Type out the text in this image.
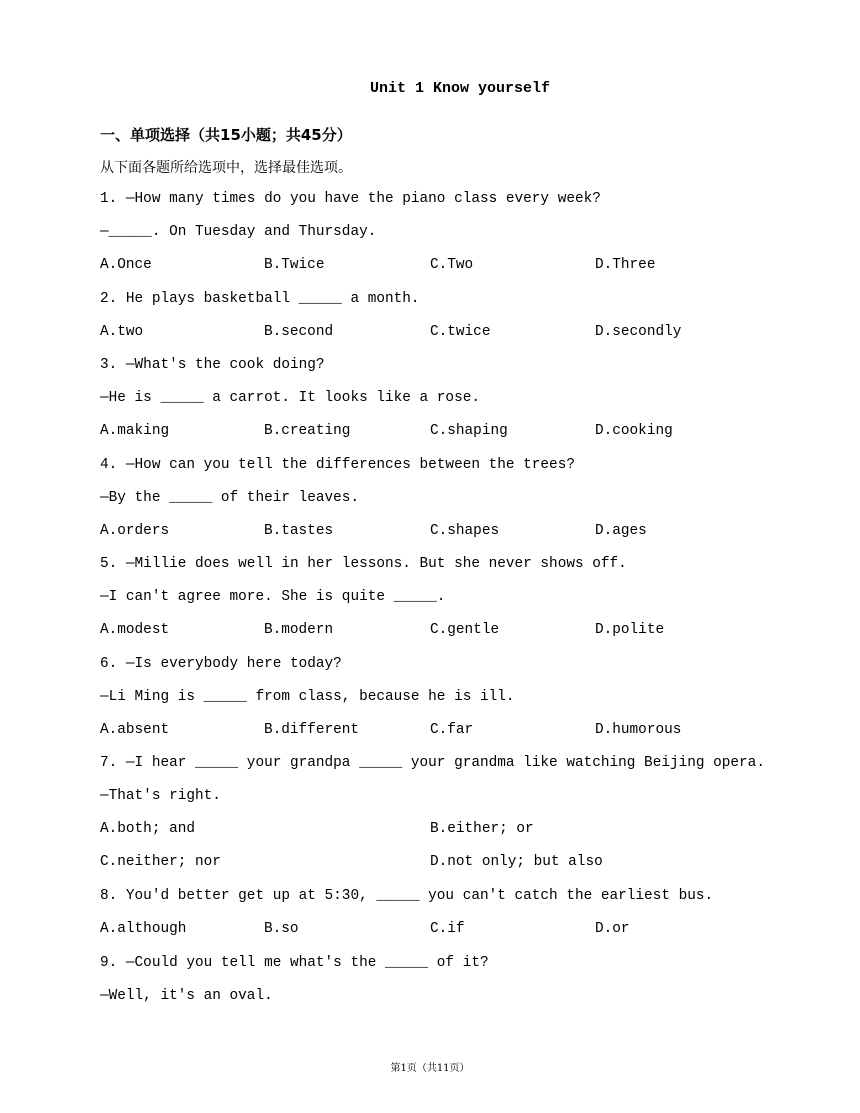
Unit 1 Know yourself
一、单项选择（共15小题；共45分）
从下面各题所给选项中，选择最佳选项。
1. —How many times do you have the piano class every week?
—_____. On Tuesday and Thursday.
A.Once	B.Twice	C.Two	D.Three
2. He plays basketball _____ a month.
A.two	B.second	C.twice	D.secondly
3. —What's the cook doing?
—He is _____ a carrot. It looks like a rose.
A.making	B.creating	C.shaping	D.cooking
4. —How can you tell the differences between the trees?
—By the _____ of their leaves.
A.orders	B.tastes	C.shapes	D.ages
5. —Millie does well in her lessons. But she never shows off.
—I can't agree more. She is quite _____.
A.modest	B.modern	C.gentle	D.polite
6. —Is everybody here today?
—Li Ming is _____ from class, because he is ill.
A.absent	B.different	C.far	D.humorous
7. —I hear _____ your grandpa _____ your grandma like watching Beijing opera.
—That's right.
A.both; and	B.either; or
C.neither; nor	D.not only; but also
8. You'd better get up at 5:30, _____ you can't catch the earliest bus.
A.although	B.so	C.if	D.or
9. —Could you tell me what's the _____ of it?
—Well, it's an oval.
第1页（共11页）
